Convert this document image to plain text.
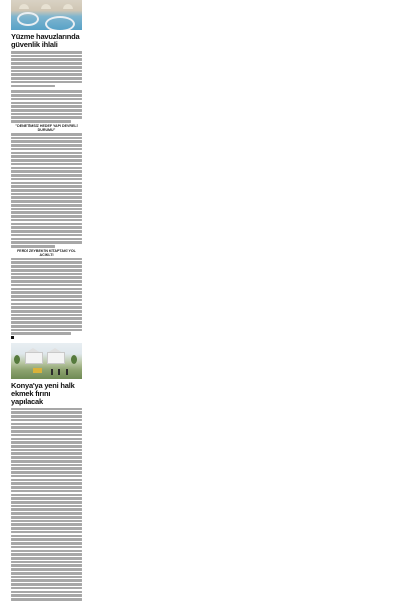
Yüzme havuzlarında güvenlik ihlali
"DENETİMSİZ HEDEF YAPI DEVRELİ DURUMU"
FERDİ ZEYBEK'İN KİTAPTAKİ YOL ACIKLTI
Konya'ya yeni halk ekmek fırını yapılacak
